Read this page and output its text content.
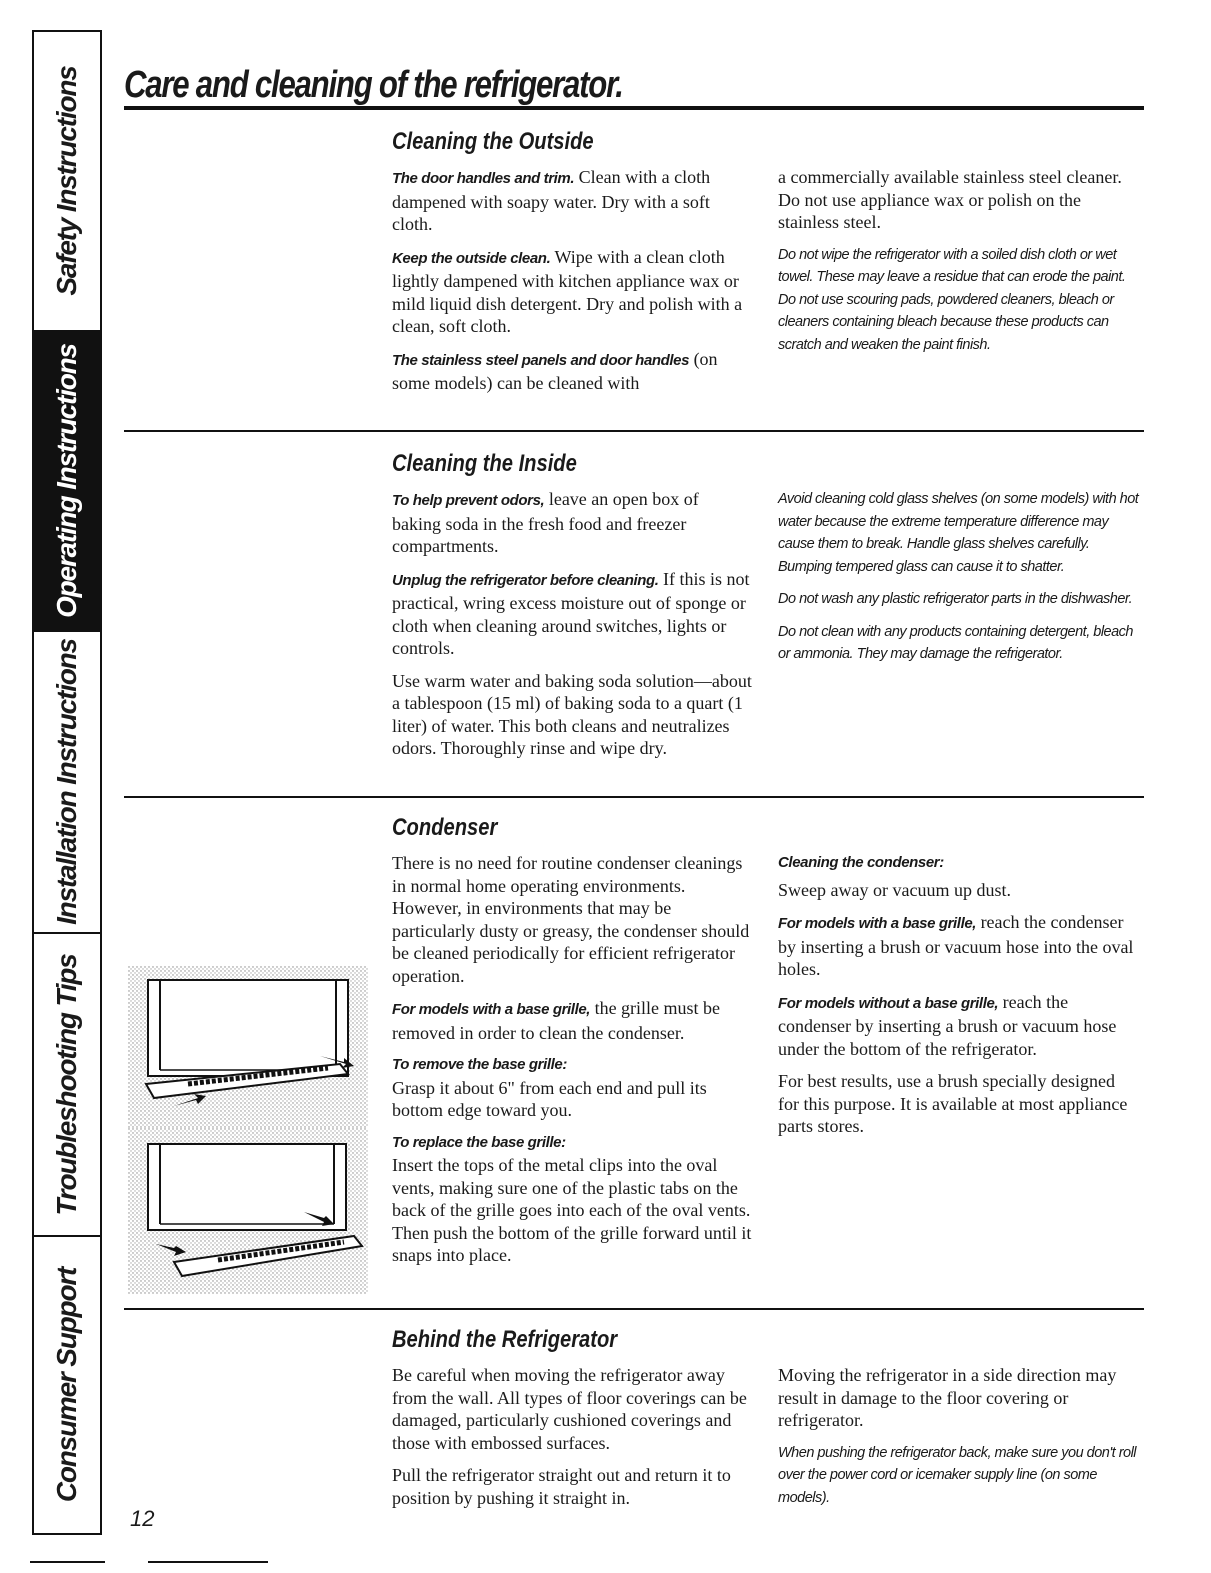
Safety Instructions
Operating Instructions
Installation Instructions
Troubleshooting Tips
Consumer Support
Care and cleaning of the refrigerator.
Cleaning the Outside

The door handles and trim. Clean with a cloth dampened with soapy water. Dry with a soft cloth.

Keep the outside clean. Wipe with a clean cloth lightly dampened with kitchen appliance wax or mild liquid dish detergent. Dry and polish with a clean, soft cloth.

The stainless steel panels and door handles (on some models) can be cleaned with

a commercially available stainless steel cleaner. Do not use appliance wax or polish on the stainless steel.

Do not wipe the refrigerator with a soiled dish cloth or wet towel. These may leave a residue that can erode the paint. Do not use scouring pads, powdered cleaners, bleach or cleaners containing bleach because these products can scratch and weaken the paint finish.

Cleaning the Inside

To help prevent odors, leave an open box of baking soda in the fresh food and freezer compartments.

Unplug the refrigerator before cleaning. If this is not practical, wring excess moisture out of sponge or cloth when cleaning around switches, lights or controls.

Use warm water and baking soda solution—about a tablespoon (15 ml) of baking soda to a quart (1 liter) of water. This both cleans and neutralizes odors. Thoroughly rinse and wipe dry.

Avoid cleaning cold glass shelves (on some models) with hot water because the extreme temperature difference may cause them to break. Handle glass shelves carefully. Bumping tempered glass can cause it to shatter.

Do not wash any plastic refrigerator parts in the dishwasher.

Do not clean with any products containing detergent, bleach or ammonia. They may damage the refrigerator.

Condenser

There is no need for routine condenser cleanings in normal home operating environments. However, in environments that may be particularly dusty or greasy, the condenser should be cleaned periodically for efficient refrigerator operation.

For models with a base grille, the grille must be removed in order to clean the condenser.

To remove the base grille:
Grasp it about 6" from each end and pull its bottom edge toward you.

To replace the base grille:
Insert the tops of the metal clips into the oval vents, making sure one of the plastic tabs on the back of the grille goes into each of the oval vents. Then push the bottom of the grille forward until it snaps into place.

Cleaning the condenser:

Sweep away or vacuum up dust.

For models with a base grille, reach the condenser by inserting a brush or vacuum hose into the oval holes.

For models without a base grille, reach the condenser by inserting a brush or vacuum hose under the bottom of the refrigerator.

For best results, use a brush specially designed for this purpose. It is available at most appliance parts stores.

Behind the Refrigerator

Be careful when moving the refrigerator away from the wall. All types of floor coverings can be damaged, particularly cushioned coverings and those with embossed surfaces.

Pull the refrigerator straight out and return it to position by pushing it straight in.

Moving the refrigerator in a side direction may result in damage to the floor covering or refrigerator.

When pushing the refrigerator back, make sure you don't roll over the power cord or icemaker supply line (on some models).

12
